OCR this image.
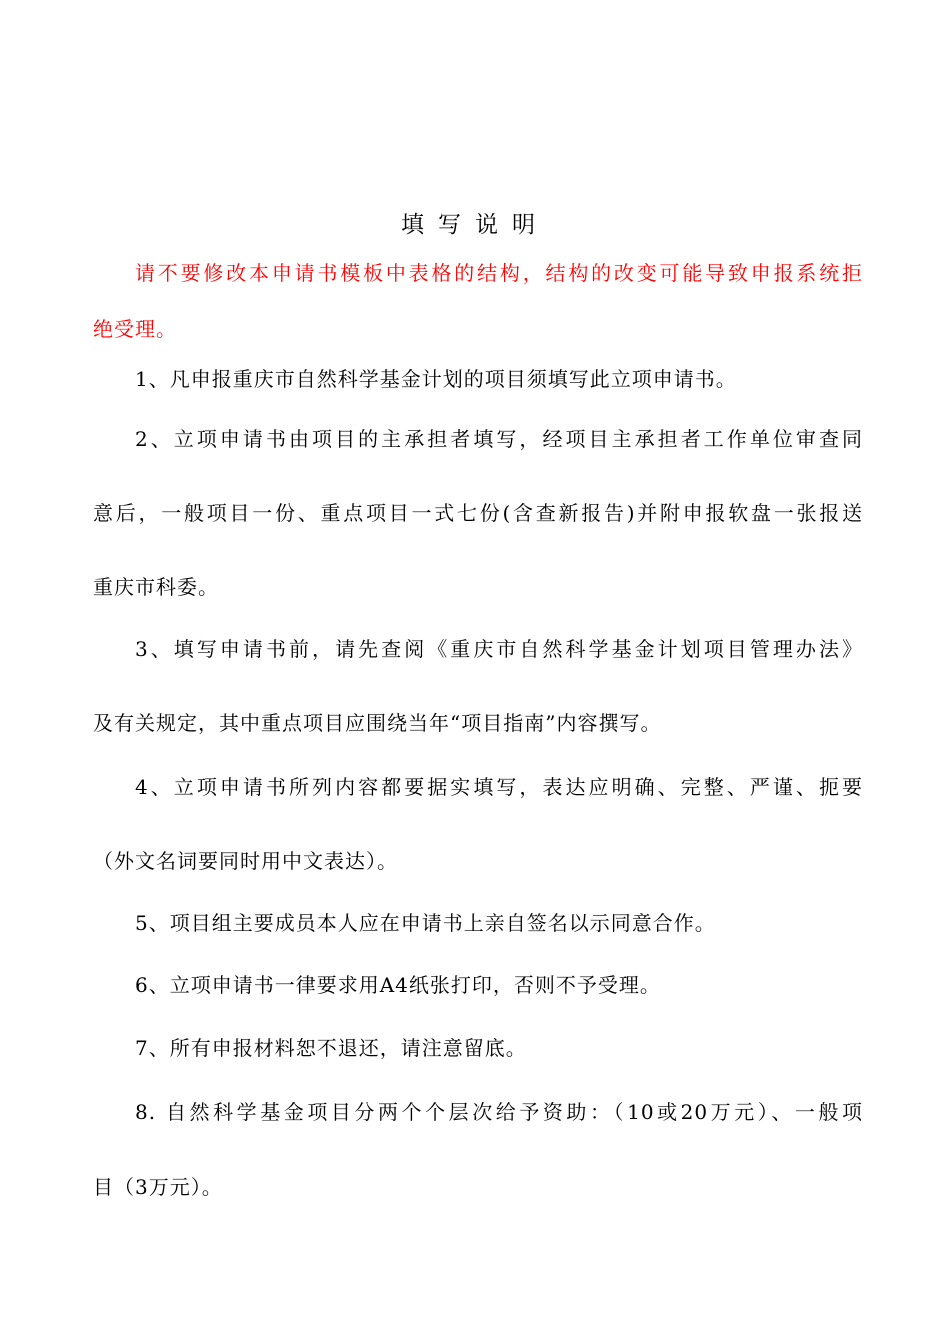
填写说明
请不要修改本申请书模板中表格的结构，结构的改变可能导致申报系统拒
绝受理。
1、凡申报重庆市自然科学基金计划的项目须填写此立项申请书。
2、立项申请书由项目的主承担者填写，经项目主承担者工作单位审查同
意后，一般项目一份、重点项目一式七份(含查新报告)并附申报软盘一张报送
重庆市科委。
3、填写申请书前，请先查阅《重庆市自然科学基金计划项目管理办法》
及有关规定，其中重点项目应围绕当年“项目指南”内容撰写。
4、立项申请书所列内容都要据实填写，表达应明确、完整、严谨、扼要
（外文名词要同时用中文表达）。
5、项目组主要成员本人应在申请书上亲自签名以示同意合作。
6、立项申请书一律要求用A4纸张打印，否则不予受理。
7、所有申报材料恕不退还，请注意留底。
8. 自然科学基金项目分两个个层次给予资助：（10或20万元）、一般项
目（3万元）。
